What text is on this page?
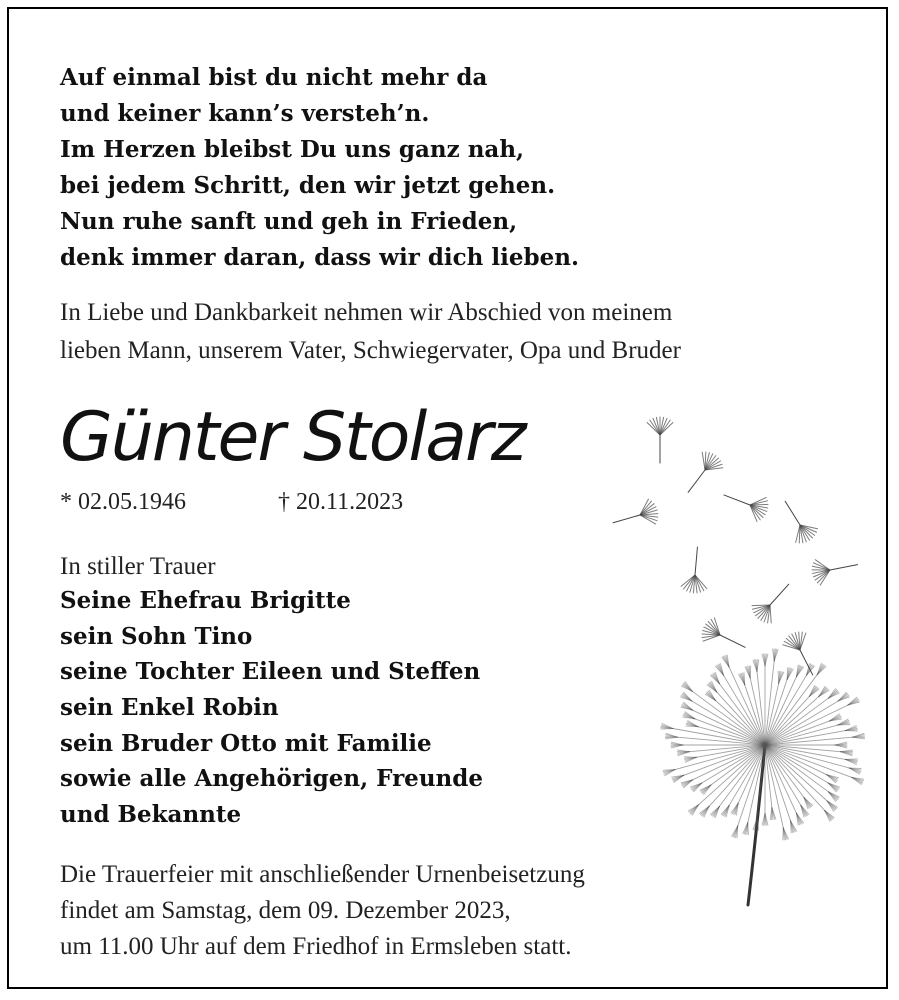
Auf einmal bist du nicht mehr da
und keiner kann’s versteh’n.
Im Herzen bleibst Du uns ganz nah,
bei jedem Schritt, den wir jetzt gehen.
Nun ruhe sanft und geh in Frieden,
denk immer daran, dass wir dich lieben.
In Liebe und Dankbarkeit nehmen wir Abschied von meinem
lieben Mann, unserem Vater, Schwiegervater, Opa und Bruder
Günter Stolarz
* 02.05.1946	† 20.11.2023
In stiller Trauer
Seine Ehefrau Brigitte
sein Sohn Tino
seine Tochter Eileen und Steffen
sein Enkel Robin
sein Bruder Otto mit Familie
sowie alle Angehörigen, Freunde
und Bekannte
Die Trauerfeier mit anschließender Urnenbeisetzung
findet am Samstag, dem 09. Dezember 2023,
um 11.00 Uhr auf dem Friedhof in Ermsleben statt.
